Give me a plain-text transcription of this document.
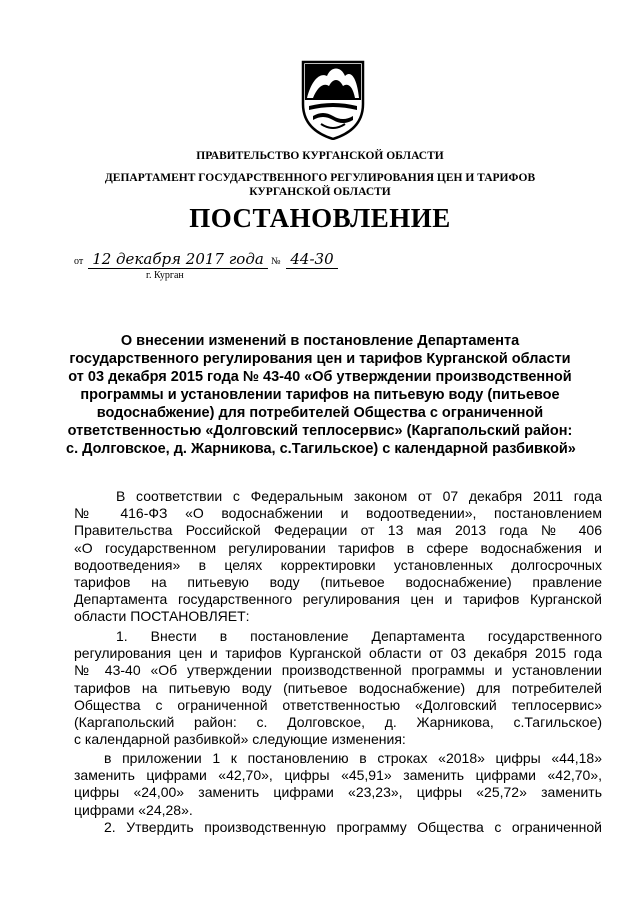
ПРАВИТЕЛЬСТВО КУРГАНСКОЙ ОБЛАСТИ
ДЕПАРТАМЕНТ ГОСУДАРСТВЕННОГО РЕГУЛИРОВАНИЯ ЦЕН И ТАРИФОВ
КУРГАНСКОЙ ОБЛАСТИ
ПОСТАНОВЛЕНИЕ
от 12 декабря 2017 года № 44-30
г. Курган
О внесении изменений в постановление Департамента
государственного регулирования цен и тарифов Курганской области
от 03 декабря 2015 года № 43-40 «Об утверждении производственной
программы и установлении тарифов на питьевую воду (питьевое
водоснабжение) для потребителей Общества с ограниченной
ответственностью «Долговский теплосервис» (Каргапольский район:
с. Долговское, д. Жарникова, с.Тагильское) с календарной разбивкой»
В соответствии с Федеральным законом от 07 декабря 2011 года
№ 416-ФЗ «О водоснабжении и водоотведении», постановлением
Правительства Российской Федерации от 13 мая 2013 года № 406
«О государственном регулировании тарифов в сфере водоснабжения и
водоотведения» в целях корректировки установленных долгосрочных
тарифов на питьевую воду (питьевое водоснабжение) правление
Департамента государственного регулирования цен и тарифов Курганской
области ПОСТАНОВЛЯЕТ:
1. Внести в постановление Департамента государственного
регулирования цен и тарифов Курганской области от 03 декабря 2015 года
№ 43-40 «Об утверждении производственной программы и установлении
тарифов на питьевую воду (питьевое водоснабжение) для потребителей
Общества с ограниченной ответственностью «Долговский теплосервис»
(Каргапольский район: с. Долговское, д. Жарникова, с.Тагильское)
с календарной разбивкой» следующие изменения:
в приложении 1 к постановлению в строках «2018» цифры «44,18»
заменить цифрами «42,70», цифры «45,91» заменить цифрами «42,70»,
цифры «24,00» заменить цифрами «23,23», цифры «25,72» заменить
цифрами «24,28».
2. Утвердить производственную программу Общества с ограниченной
